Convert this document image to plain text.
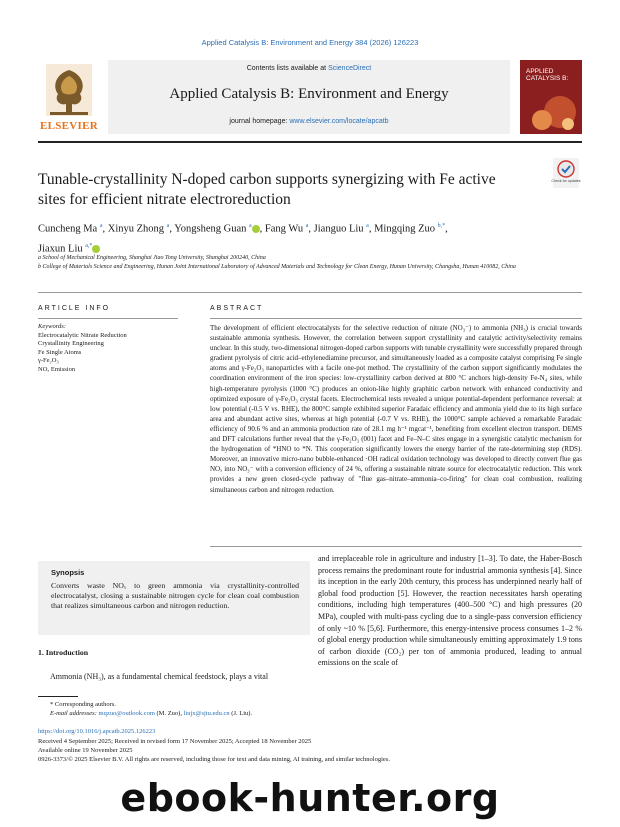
Applied Catalysis B: Environment and Energy 384 (2026) 126223
ELSEVIER
Contents lists available at ScienceDirect
Applied Catalysis B: Environment and Energy
journal homepage: www.elsevier.com/locate/apcatb
APPLIED CATALYSIS B:
Tunable-crystallinity N-doped carbon supports synergizing with Fe active sites for efficient nitrate electroreduction
Check for updates
Cuncheng Ma $^a$, Xinyu Zhong $^a$, Yongsheng Guan $^a$ , Fang Wu $^a$, Jianguo Liu $^a$, Mingqing Zuo $^{b,*}$,
Jiaxun Liu $^{a,*}$
a School of Mechanical Engineering, Shanghai Jiao Tong University, Shanghai 200240, China
b College of Materials Science and Engineering, Hunan Joint International Laboratory of Advanced Materials and Technology for Clean Energy, Hunan University, Changsha, Hunan 410082, China
ARTICLE INFO
Keywords:
Electrocatalytic Nitrate Reduction
Crystallinity Engineering
Fe Single Atoms
γ-Fe₂O₃
NOₓ Emission
ABSTRACT
The development of efficient electrocatalysts for the selective reduction of nitrate (NO₃⁻) to ammonia (NH₃) is crucial towards sustainable ammonia synthesis. However, the correlation between support crystallinity and catalytic activity/selectivity remains unclear. In this study, two-dimensional nitrogen-doped carbon supports with tunable crystallinity were successfully prepared through gradient pyrolysis of citric acid–ethylenediamine precursor, and simultaneously loaded as a composite catalyst comprising Fe single atoms and γ-Fe₂O₃ nanoparticles with a facile one-pot method. The crystallinity of the carbon support significantly modulates the coordination environment of the iron species: low-crystallinity carbon derived at 800 °C anchors high-density Fe-N₄ sites, while high-temperature pyrolysis (1000 °C) produces an onion-like highly graphitic carbon network with enhanced conductivity and optimized exposure of γ-Fe₂O₃ crystal facets. Electrochemical tests revealed a unique potential-dependent performance reversal: at low potential (-0.5 V vs. RHE), the 800°C sample exhibited superior Faradaic efficiency and ammonia yield due to its high surface area and abundant active sites, whereas at high potential (-0.7 V vs. RHE), the 1000°C sample achieved a remarkable Faradaic efficiency of 90.6 % and an ammonia production rate of 28.1 mg h⁻¹ mgcat⁻¹, benefiting from excellent electron transport. DEMS and DFT calculations further reveal that the γ-Fe₂O₃ (001) facet and Fe–N–C sites engage in a synergistic catalytic mechanism for the hydrogenation of *HNO to *N. This cooperation significantly lowers the energy barrier of the rate-determining step (RDS). Moreover, an innovative micro-nano bubble-enhanced ·OH radical oxidation technology was developed to directly convert flue gas NOₓ into NO₃⁻ with a conversion efficiency of 24 %, offering a sustainable nitrate source for electrocatalytic reduction. This work provides a new green closed-cycle pathway of "flue gas–nitrate–ammonia–co-firing" for clean coal combustion, realizing simultaneous carbon and nitrogen reduction.
Synopsis
Converts waste NOₓ to green ammonia via crystallinity-controlled electrocatalyst, closing a sustainable nitrogen cycle for clean coal combustion that realizes simultaneous carbon and nitrogen reduction.
1. Introduction
Ammonia (NH₃), as a fundamental chemical feedstock, plays a vital
and irreplaceable role in agriculture and industry [1–3]. To date, the Haber-Bosch process remains the predominant route for industrial ammonia synthesis [4]. Since its inception in the early 20th century, this process has underpinned nearly half of global food production [5]. However, the reaction necessitates harsh operating conditions, including high temperatures (400–500 °C) and high pressures (20 MPa), coupled with multi-pass cycling due to a single-pass conversion efficiency of only ~10 % [5,6]. Furthermore, this energy-intensive process consumes 1–2 % of global energy production while simultaneously emitting approximately 1.9 tons of carbon dioxide (CO₂) per ton of ammonia produced, leading to annual emissions on the scale of
* Corresponding authors.
E-mail addresses: mqzuo@outlook.com (M. Zuo), liujx@sjtu.edu.cn (J. Liu).
https://doi.org/10.1016/j.apcatb.2025.126223
Received 4 September 2025; Received in revised form 17 November 2025; Accepted 18 November 2025
Available online 19 November 2025
0926-3373/© 2025 Elsevier B.V. All rights are reserved, including those for text and data mining, AI training, and similar technologies.
ebook-hunter.org
